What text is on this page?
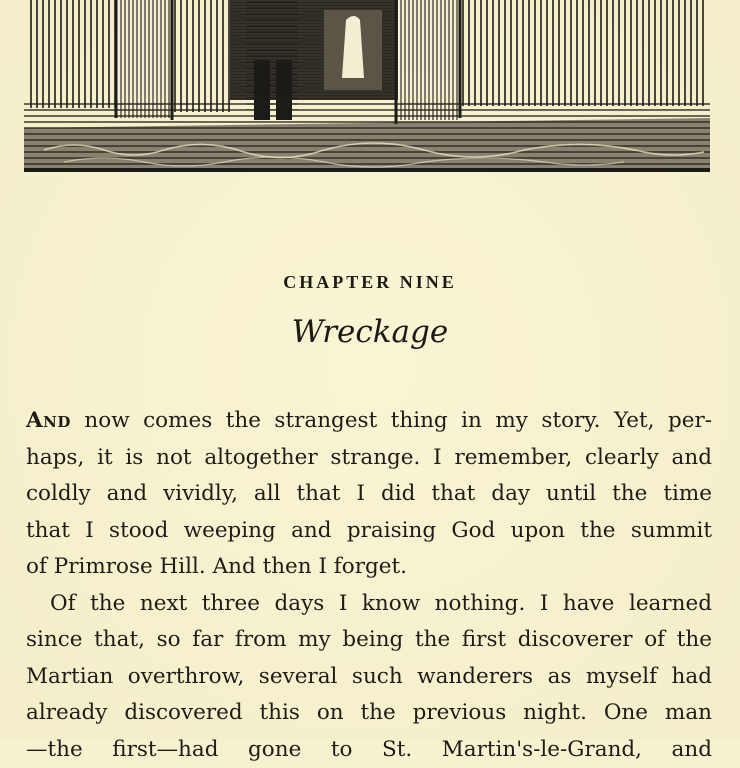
CHAPTER NINE
Wreckage
And now comes the strangest thing in my story. Yet, per-
haps, it is not altogether strange. I remember, clearly and
coldly and vividly, all that I did that day until the time
that I stood weeping and praising God upon the summit
of Primrose Hill. And then I forget.
Of the next three days I know nothing. I have learned
since that, so far from my being the first discoverer of the
Martian overthrow, several such wanderers as myself had
already discovered this on the previous night. One man
—the first—had gone to St. Martin's-le-Grand, and
